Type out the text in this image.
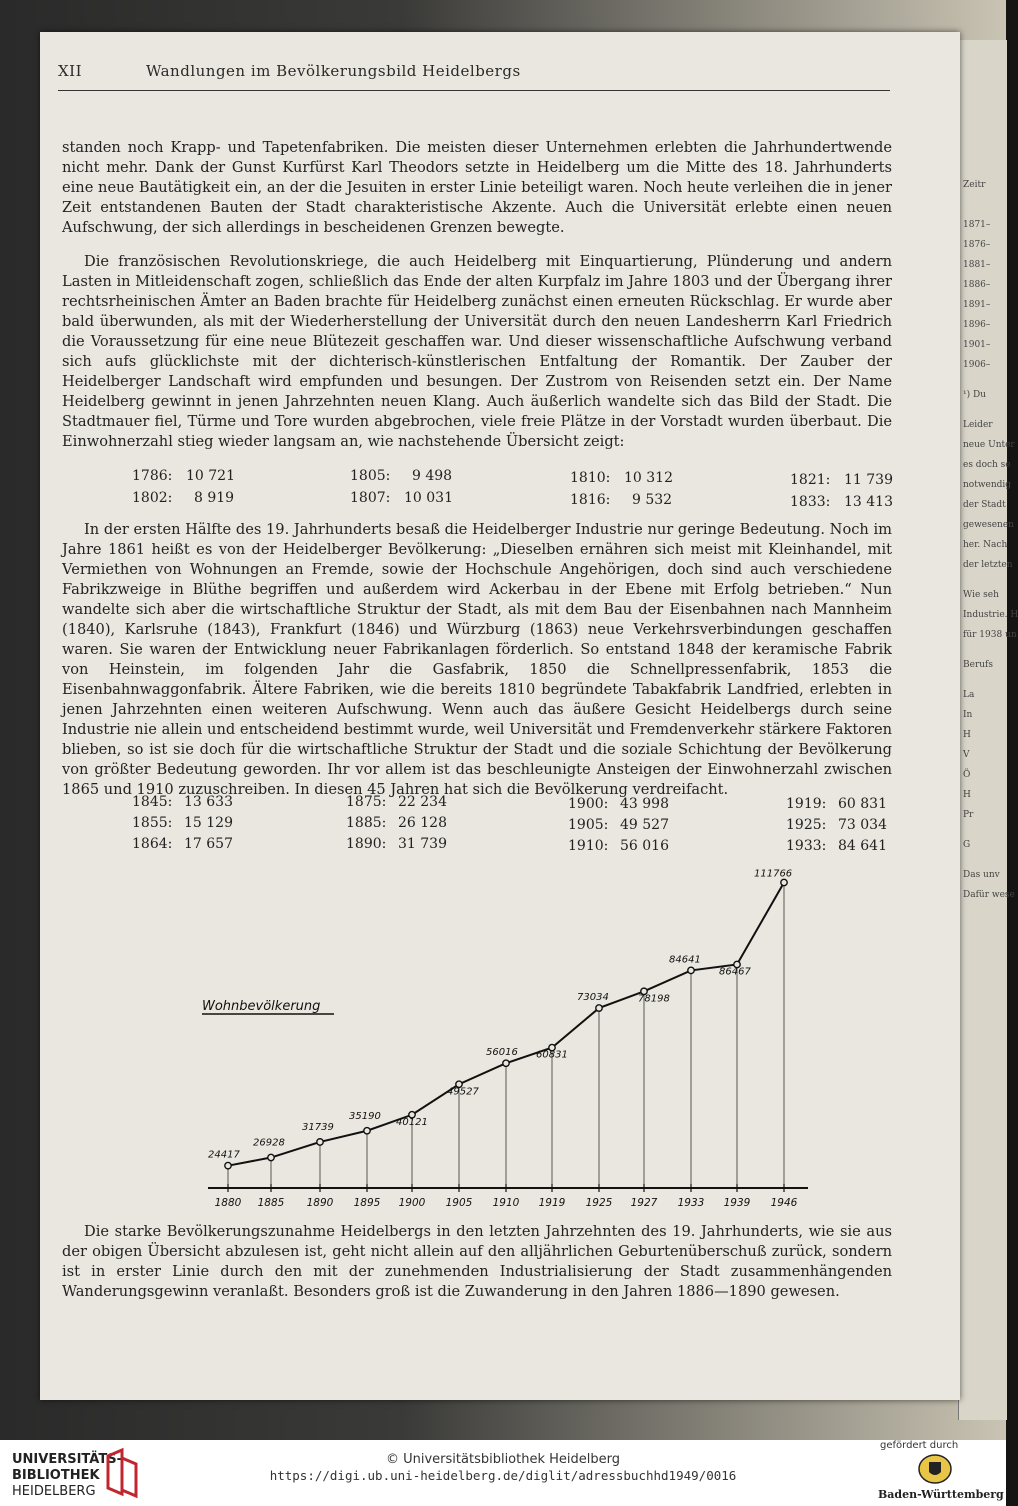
Zeitr
1871–
1876–
1881–
1886–
1891–
1896–
1901–
1906–
¹) Du
Leider
neue Unter
es doch se
notwendig
der Stadt
gewesenen
her. Nach
der letzten
Wie seh
Industrie. H
für 1938 un
Berufs
La
In
H
V
Ö
H
Pr
G
Das unv
Dafür wese
XII	Wandlungen im Bevölkerungsbild Heidelbergs
standen noch Krapp- und Tapetenfabriken. Die meisten dieser Unternehmen erlebten die Jahrhundertwende nicht mehr. Dank der Gunst Kurfürst Karl Theodors setzte in Heidelberg um die Mitte des 18. Jahrhunderts eine neue Bautätigkeit ein, an der die Jesuiten in erster Linie beteiligt waren. Noch heute verleihen die in jener Zeit entstandenen Bauten der Stadt charakteristische Akzente. Auch die Universität erlebte einen neuen Aufschwung, der sich allerdings in bescheidenen Grenzen bewegte.
Die französischen Revolutionskriege, die auch Heidelberg mit Einquartierung, Plünderung und andern Lasten in Mitleidenschaft zogen, schließlich das Ende der alten Kurpfalz im Jahre 1803 und der Übergang ihrer rechtsrheinischen Ämter an Baden brachte für Heidelberg zunächst einen erneuten Rückschlag. Er wurde aber bald überwunden, als mit der Wiederherstellung der Universität durch den neuen Landesherrn Karl Friedrich die Voraussetzung für eine neue Blütezeit geschaffen war. Und dieser wissenschaftliche Aufschwung verband sich aufs glücklichste mit der dichterisch-künstlerischen Entfaltung der Romantik. Der Zauber der Heidelberger Landschaft wird empfunden und besungen. Der Zustrom von Reisenden setzt ein. Der Name Heidelberg gewinnt in jenen Jahrzehnten neuen Klang. Auch äußerlich wandelte sich das Bild der Stadt. Die Stadtmauer fiel, Türme und Tore wurden abgebrochen, viele freie Plätze in der Vorstadt wurden überbaut. Die Einwohnerzahl stieg wieder langsam an, wie nachstehende Übersicht zeigt:
1786: 10 721
1802: 8 919
1805: 9 498
1807: 10 031
1810: 10 312
1816: 9 532
1821: 11 739
1833: 13 413
In der ersten Hälfte des 19. Jahrhunderts besaß die Heidelberger Industrie nur geringe Bedeutung. Noch im Jahre 1861 heißt es von der Heidelberger Bevölkerung: „Dieselben ernähren sich meist mit Kleinhandel, mit Vermiethen von Wohnungen an Fremde, sowie der Hochschule Angehörigen, doch sind auch verschiedene Fabrikzweige in Blüthe begriffen und außerdem wird Ackerbau in der Ebene mit Erfolg betrieben.“ Nun wandelte sich aber die wirtschaftliche Struktur der Stadt, als mit dem Bau der Eisenbahnen nach Mannheim (1840), Karlsruhe (1843), Frankfurt (1846) und Würzburg (1863) neue Verkehrsverbindungen geschaffen waren. Sie waren der Entwicklung neuer Fabrikanlagen förderlich. So entstand 1848 der keramische Fabrik von Heinstein, im folgenden Jahr die Gasfabrik, 1850 die Schnellpressenfabrik, 1853 die Eisenbahnwaggonfabrik. Ältere Fabriken, wie die bereits 1810 begründete Tabakfabrik Landfried, erlebten in jenen Jahrzehnten einen weiteren Aufschwung. Wenn auch das äußere Gesicht Heidelbergs durch seine Industrie nie allein und entscheidend bestimmt wurde, weil Universität und Fremdenverkehr stärkere Faktoren blieben, so ist sie doch für die wirtschaftliche Struktur der Stadt und die soziale Schichtung der Bevölkerung von größter Bedeutung geworden. Ihr vor allem ist das beschleunigte Ansteigen der Einwohnerzahl zwischen 1865 und 1910 zuzuschreiben. In diesen 45 Jahren hat sich die Bevölkerung verdreifacht.
1845: 13 633
1855: 15 129
1864: 17 657
1875: 22 234
1885: 26 128
1890: 31 739
1900: 43 998
1905: 49 527
1910: 56 016
1919: 60 831
1925: 73 034
1933: 84 641
Wohnbevölkerung
1880 1885 1890 1895 1900 1905 1910 1919 1925 1927 1933 1939 1946
24417
26928
31739
35190
40121
49527
56016 60831
73034	78198
84641
86467
111766
Die starke Bevölkerungszunahme Heidelbergs in den letzten Jahrzehnten des 19. Jahrhunderts, wie sie aus der obigen Übersicht abzulesen ist, geht nicht allein auf den alljährlichen Geburtenüberschuß zurück, sondern ist in erster Linie durch den mit der zunehmenden Industrialisierung der Stadt zusammenhängenden Wanderungsgewinn veranlaßt. Besonders groß ist die Zuwanderung in den Jahren 1886—1890 gewesen.
UNIVERSITÄTS-
BIBLIOTHEK
HEIDELBERG
© Universitätsbibliothek Heidelberg
https://digi.ub.uni-heidelberg.de/diglit/adressbuchhd1949/0016
gefördert durch
Baden-Württemberg
